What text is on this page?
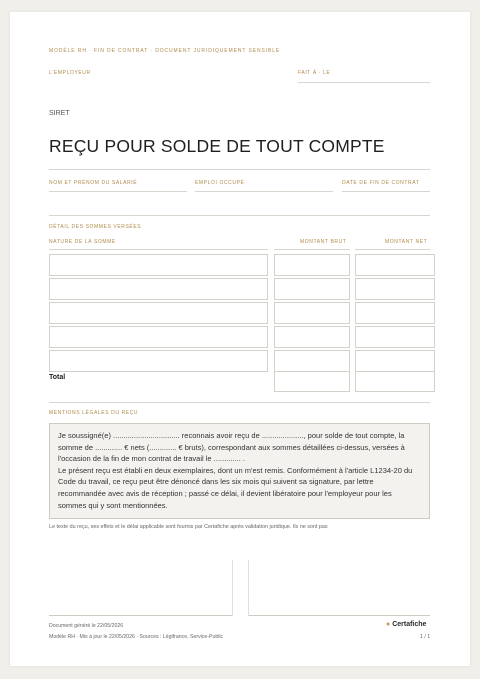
MODÈLE RH · FIN DE CONTRAT · DOCUMENT JURIDIQUEMENT SENSIBLE
L'EMPLOYEUR	FAIT À · LE
SIRET
REÇU POUR SOLDE DE TOUT COMPTE
NOM ET PRÉNOM DU SALARIÉ	EMPLOI OCCUPÉ	DATE DE FIN DE CONTRAT
DÉTAIL DES SOMMES VERSÉES
NATURE DE LA SOMME	MONTANT BRUT	MONTANT NET
Total
MENTIONS LÉGALES DU REÇU
Je soussigné(e) ................................ reconnais avoir reçu de ...................., pour solde de tout compte, la somme de ............. € nets (............. € bruts), correspondant aux sommes détaillées ci-dessus, versées à l'occasion de la fin de mon contrat de travail le ............. .
Le présent reçu est établi en deux exemplaires, dont un m'est remis. Conformément à l'article L1234-20 du Code du travail, ce reçu peut être dénoncé dans les six mois qui suivent sa signature, par lettre recommandée avec avis de réception ; passé ce délai, il devient libératoire pour l'employeur pour les sommes qui y sont mentionnées.
Le texte du reçu, ses effets et le délai applicable sont fournis par Certafiche après validation juridique. Ils ne sont pas
Document généré le 22/05/2026
Modèle RH · Mis à jour le 22/05/2026 · Sources : Légifrance, Service-Public
● Certafiche
1 / 1
